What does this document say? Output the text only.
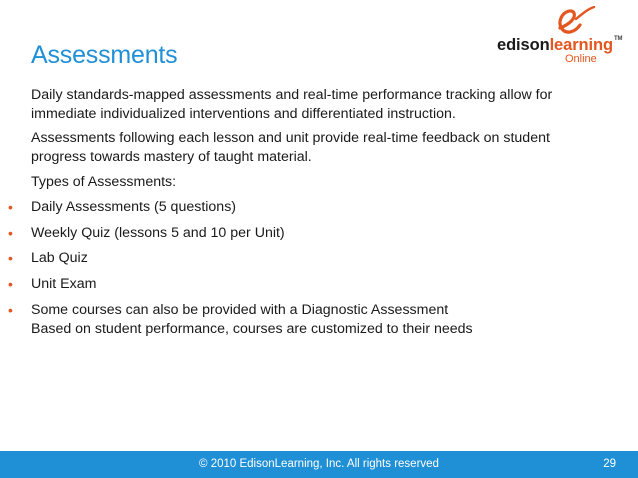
Assessments	edisonlearning™
Online
Daily standards-mapped assessments and real-time performance tracking allow for immediate individualized interventions and differentiated instruction.
Assessments following each lesson and unit provide real-time feedback on student progress towards mastery of taught material.
Types of Assessments:
• Daily Assessments (5 questions)
• Weekly Quiz (lessons 5 and 10 per Unit)
• Lab Quiz
• Unit Exam
• Some courses can also be provided with a Diagnostic Assessment
Based on student performance, courses are customized to their needs
© 2010 EdisonLearning, Inc. All rights reserved	29
